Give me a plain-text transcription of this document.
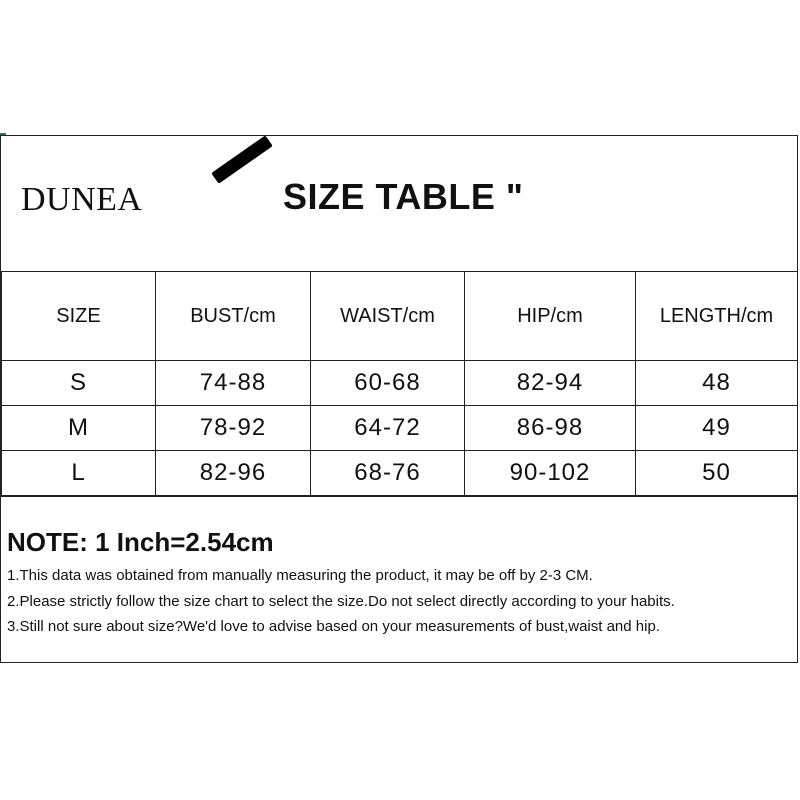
DUNEA	SIZE TABLE "
SIZE	BUST/cm	WAIST/cm	HIP/cm	LENGTH/cm
S	74-88	60-68	82-94	48
M	78-92	64-72	86-98	49
L	82-96	68-76	90-102	50
NOTE: 1 Inch=2.54cm
1.This data was obtained from manually measuring the product, it may be off by 2-3 CM.
2.Please strictly follow the size chart to select the size.Do not select directly according to your habits.
3.Still not sure about size?We'd love to advise based on your measurements of bust,waist and hip.
